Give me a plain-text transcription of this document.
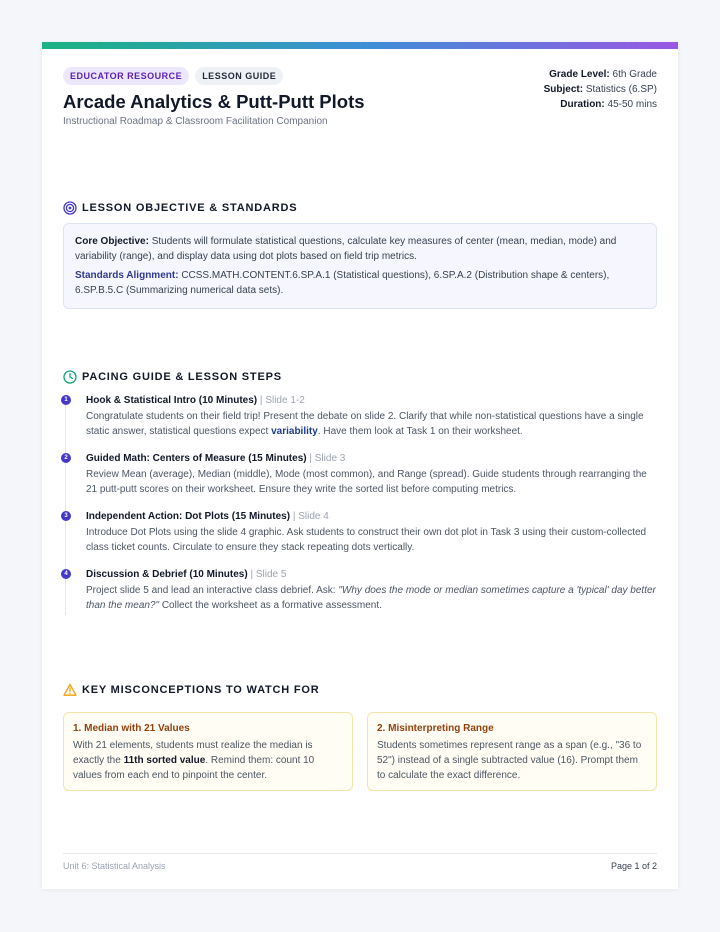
EDUCATOR RESOURCE	LESSON GUIDE
Arcade Analytics & Putt-Putt Plots
Instructional Roadmap & Classroom Facilitation Companion
Grade Level: 6th Grade
Subject: Statistics (6.SP)
Duration: 45-50 mins
LESSON OBJECTIVE & STANDARDS

Core Objective: Students will formulate statistical questions, calculate key measures of center (mean, median, mode) and variability (range), and display data using dot plots based on field trip metrics.

Standards Alignment: CCSS.MATH.CONTENT.6.SP.A.1 (Statistical questions), 6.SP.A.2 (Distribution shape & centers), 6.SP.B.5.C (Summarizing numerical data sets).

PACING GUIDE & LESSON STEPS
1	Hook & Statistical Intro (10 Minutes) | Slide 1-2
Congratulate students on their field trip! Present the debate on slide 2. Clarify that while non-statistical questions have a single static answer, statistical questions expect variability. Have them look at Task 1 on their worksheet.
2	Guided Math: Centers of Measure (15 Minutes) | Slide 3
Review Mean (average), Median (middle), Mode (most common), and Range (spread). Guide students through rearranging the 21 putt-putt scores on their worksheet. Ensure they write the sorted list before computing metrics.
3	Independent Action: Dot Plots (15 Minutes) | Slide 4
Introduce Dot Plots using the slide 4 graphic. Ask students to construct their own dot plot in Task 3 using their custom-collected class ticket counts. Circulate to ensure they stack repeating dots vertically.
4	Discussion & Debrief (10 Minutes) | Slide 5
Project slide 5 and lead an interactive class debrief. Ask: "Why does the mode or median sometimes capture a 'typical' day better than the mean?" Collect the worksheet as a formative assessment.
KEY MISCONCEPTIONS TO WATCH FOR
1. Median with 21 Values
With 21 elements, students must realize the median is exactly the 11th sorted value. Remind them: count 10 values from each end to pinpoint the center.
2. Misinterpreting Range
Students sometimes represent range as a span (e.g., "36 to 52") instead of a single subtracted value (16). Prompt them to calculate the exact difference.
Unit 6: Statistical Analysis	Page 1 of 2
